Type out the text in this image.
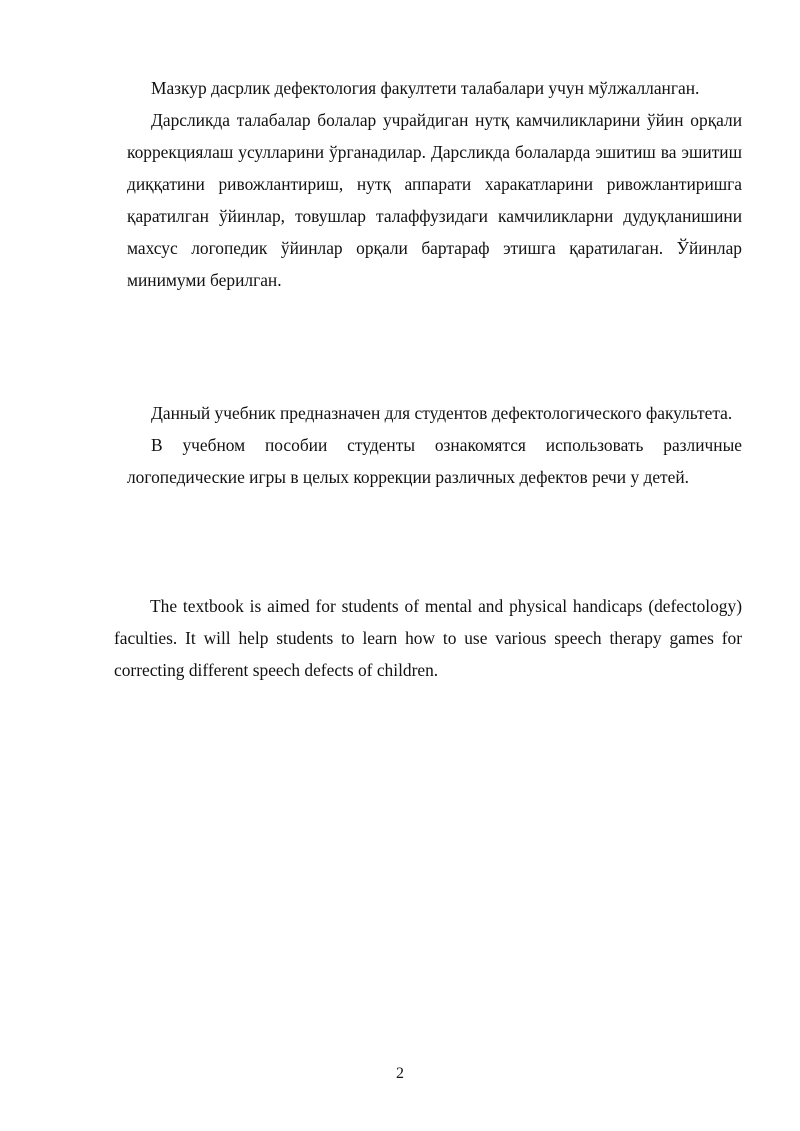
Мазкур дасрлик дефектология факултети талабалари учун мўлжалланган.

Дарсликда талабалар болалар учрайдиган нутқ камчиликларини ўйин орқали коррекциялаш усулларини ўрганадилар. Дарсликда болаларда эшитиш ва эшитиш диққатини ривожлантириш, нутқ аппарати харакатларини ривожлантиришга қаратилган ўйинлар, товушлар талаффузидаги камчиликларни дудуқланишини махсус логопедик ўйинлар орқали бартараф этишга қаратилаган. Ўйинлар минимуми берилган.

Данный учебник предназначен для студентов дефектологического факультета.

В учебном пособии студенты ознакомятся использовать различные логопедические игры в целых коррекции различных дефектов речи у детей.

The textbook is aimed for students of mental and physical handicaps (defectology) faculties. It will help students to learn how to use various speech therapy games for correcting different speech defects of children.

2
